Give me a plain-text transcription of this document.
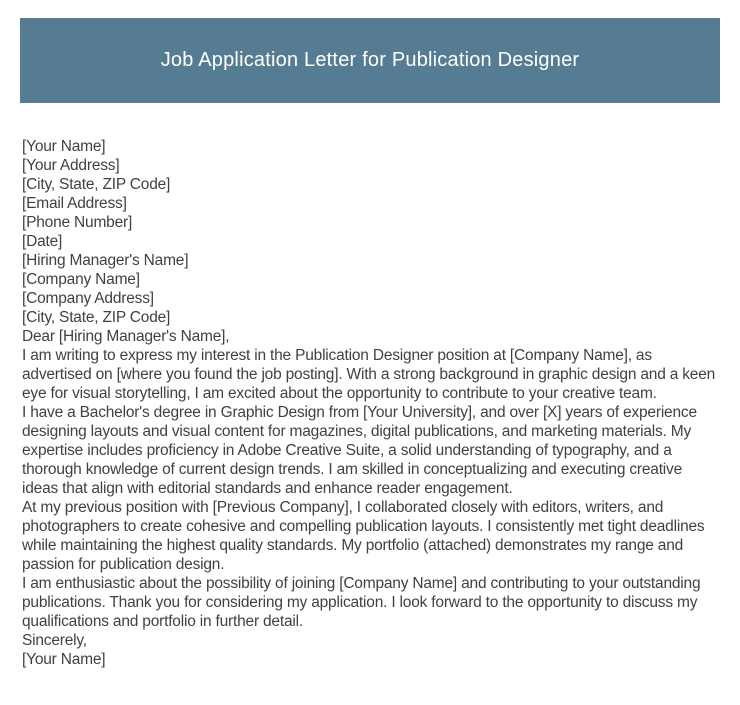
Job Application Letter for Publication Designer
[Your Name]
[Your Address]
[City, State, ZIP Code]
[Email Address]
[Phone Number]
[Date]
[Hiring Manager's Name]
[Company Name]
[Company Address]
[City, State, ZIP Code]

Dear [Hiring Manager's Name],

I am writing to express my interest in the Publication Designer position at [Company Name], as advertised on [where you found the job posting]. With a strong background in graphic design and a keen eye for visual storytelling, I am excited about the opportunity to contribute to your creative team.

I have a Bachelor's degree in Graphic Design from [Your University], and over [X] years of experience designing layouts and visual content for magazines, digital publications, and marketing materials. My expertise includes proficiency in Adobe Creative Suite, a solid understanding of typography, and a thorough knowledge of current design trends. I am skilled in conceptualizing and executing creative ideas that align with editorial standards and enhance reader engagement.

At my previous position with [Previous Company], I collaborated closely with editors, writers, and photographers to create cohesive and compelling publication layouts. I consistently met tight deadlines while maintaining the highest quality standards. My portfolio (attached) demonstrates my range and passion for publication design.

I am enthusiastic about the possibility of joining [Company Name] and contributing to your outstanding publications. Thank you for considering my application. I look forward to the opportunity to discuss my qualifications and portfolio in further detail.

Sincerely,

[Your Name]
